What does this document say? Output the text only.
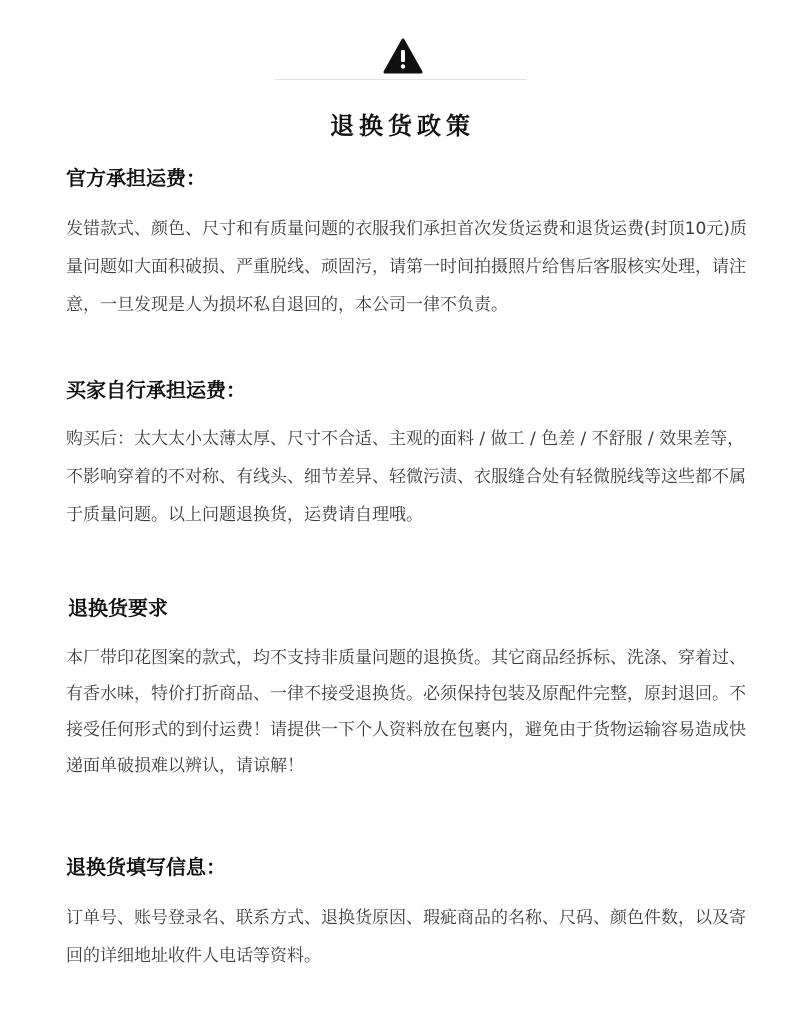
退换货政策
官方承担运费：

发错款式、颜色、尺寸和有质量问题的衣服我们承担首次发货运费和退货运费(封顶10元)质量问题如大面积破损、严重脱线、顽固污，请第一时间拍摄照片给售后客服核实处理，请注意，一旦发现是人为损坏私自退回的，本公司一律不负责。

买家自行承担运费：

购买后：太大太小太薄太厚、尺寸不合适、主观的面料 / 做工 / 色差 / 不舒服 / 效果差等，不影响穿着的不对称、有线头、细节差异、轻微污渍、衣服缝合处有轻微脱线等这些都不属于质量问题。以上问题退换货，运费请自理哦。

退换货要求

本厂带印花图案的款式，均不支持非质量问题的退换货。其它商品经拆标、洗涤、穿着过、有香水味，特价打折商品、一律不接受退换货。必须保持包装及原配件完整，原封退回。不接受任何形式的到付运费！请提供一下个人资料放在包裹内，避免由于货物运输容易造成快递面单破损难以辨认，请谅解！

退换货填写信息：

订单号、账号登录名、联系方式、退换货原因、瑕疵商品的名称、尺码、颜色件数，以及寄回的详细地址收件人电话等资料。
